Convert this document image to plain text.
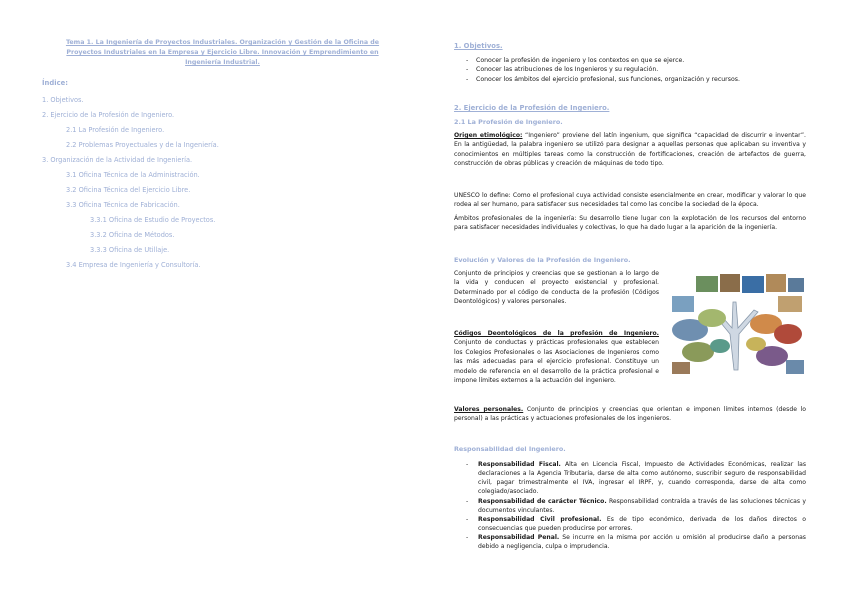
Tema 1. La Ingeniería de Proyectos Industriales. Organización y Gestión de la Oficina de Proyectos Industriales en la Empresa y Ejercicio Libre. Innovación y Emprendimiento en Ingeniería Industrial.
Índice:
1. Objetivos.
2. Ejercicio de la Profesión de Ingeniero.
2.1 La Profesión de Ingeniero.
2.2 Problemas Proyectuales y de la Ingeniería.
3. Organización de la Actividad de Ingeniería.
3.1 Oficina Técnica de la Administración.
3.2 Oficina Técnica del Ejercicio Libre.
3.3 Oficina Técnica de Fabricación.
3.3.1 Oficina de Estudio de Proyectos.
3.3.2 Oficina de Métodos.
3.3.3 Oficina de Utillaje.
3.4 Empresa de Ingeniería y Consultoría.
1. Objetivos.
- Conocer la profesión de ingeniero y los contextos en que se ejerce.
- Conocer las atribuciones de los Ingenieros y su regulación.
- Conocer los ámbitos del ejercicio profesional, sus funciones, organización y recursos.
2. Ejercicio de la Profesión de Ingeniero.
2.1 La Profesión de Ingeniero.

Origen etimológico: “Ingeniero” proviene del latín ingenium, que significa “capacidad de discurrir e inventar”. En la antigüedad, la palabra ingeniero se utilizó para designar a aquellas personas que aplicaban su inventiva y conocimientos en múltiples tareas como la construcción de fortificaciones, creación de artefactos de guerra, construcción de obras públicas y creación de máquinas de todo tipo.

UNESCO lo define: Como el profesional cuya actividad consiste esencialmente en crear, modificar y valorar lo que rodea al ser humano, para satisfacer sus necesidades tal como las concibe la sociedad de la época.

Ámbitos profesionales de la ingeniería: Su desarrollo tiene lugar con la explotación de los recursos del entorno para satisfacer necesidades individuales y colectivas, lo que ha dado lugar a la aparición de la ingeniería.

Evolución y Valores de la Profesión de Ingeniero.

Conjunto de principios y creencias que se gestionan a lo largo de la vida y conducen el proyecto existencial y profesional. Determinado por el código de conducta de la profesión (Códigos Deontológicos) y valores personales.

Códigos Deontológicos de la profesión de Ingeniero. Conjunto de conductas y prácticas profesionales que establecen los Colegios Profesionales o las Asociaciones de Ingenieros como las más adecuadas para el ejercicio profesional. Constituye un modelo de referencia en el desarrollo de la práctica profesional e impone límites externos a la actuación del ingeniero.

Valores personales. Conjunto de principios y creencias que orientan e imponen límites internos (desde lo personal) a las prácticas y actuaciones profesionales de los ingenieros.

Responsabilidad del Ingeniero.
- Responsabilidad Fiscal. Alta en Licencia Fiscal, Impuesto de Actividades Económicas, realizar las declaraciones a la Agencia Tributaria, darse de alta como autónomo, suscribir seguro de responsabilidad civil, pagar trimestralmente el IVA, ingresar el IRPF, y, cuando corresponda, darse de alta como colegiado/asociado.
- Responsabilidad de carácter Técnico. Responsabilidad contraída a través de las soluciones técnicas y documentos vinculantes.
- Responsabilidad Civil profesional. Es de tipo económico, derivada de los daños directos o consecuencias que pueden producirse por errores.
- Responsabilidad Penal. Se incurre en la misma por acción u omisión al producirse daño a personas debido a negligencia, culpa o imprudencia.
